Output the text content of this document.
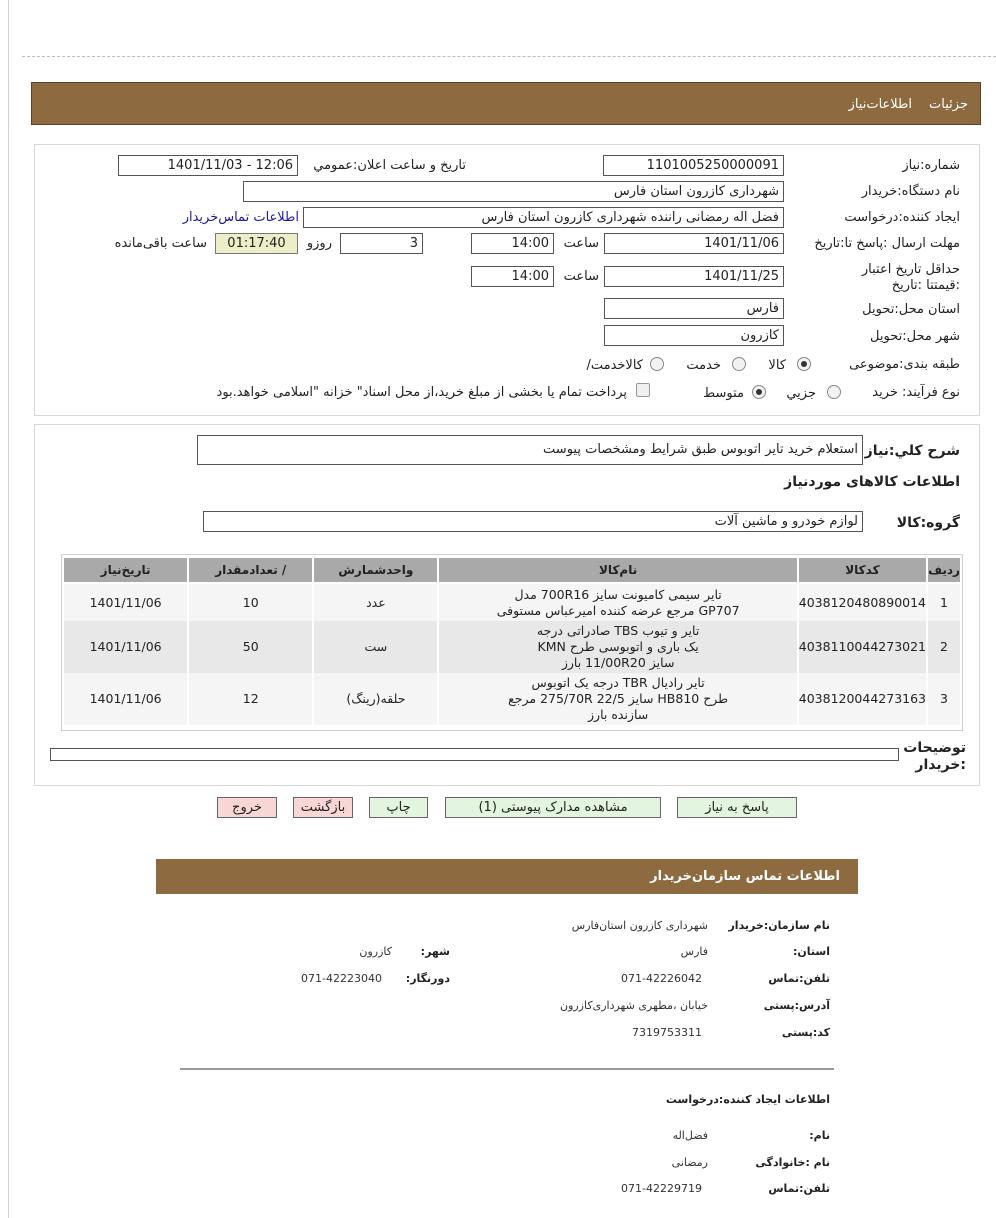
جزئیات
اطلاعات‌نیاز
شماره:نیاز
1101005250000091
تاریخ و ساعت اعلان:عمومي
1401/11/03 - 12:06
نام دستگاه:خریدار
شهرداری کازرون استان فارس
ایجاد کننده:درخواست
فضل اله رمضانی راننده شهرداری کازرون استان فارس
اطلاعات تماس‌خریدار
مهلت ارسال :پاسخ تا:تاریخ
1401/11/06
ساعت
14:00
3
روزو
01:17:40
ساعت باقی‌مانده
حداقل تاریخ اعتبار :قیمتتا :تاریخ
1401/11/25
ساعت
14:00
استان محل:تحویل
فارس
شهر محل:تحویل
کازرون
طبقه بندی:موضوعی
کالا
خدمت
/کالاخدمت
نوع فرآیند: خرید
جزیي
متوسط
پرداخت تمام یا بخشی از مبلغ خرید،از محل اسناد" خزانه "اسلامی خواهد.بود
شرح کلي:نیاز
استعلام خرید تایر اتوبوس طبق شرایط ومشخصات پیوست
اطلاعات کالاهای موردنیاز
گروه:کالا
لوازم خودرو و ماشین آلات
ردیف	کدکالا	نام‌کالا	واحدشمارش	/ تعدادمقدار	تاریخ‌نیاز
1	4038120480890014	تایر سیمی کامیونت سایز 700R16 مدل
GP707 مرجع عرضه کننده امیرعباس مستوفی	عدد	10	1401/11/06
2	4038110044273021	تایر و تیوب TBS صادراتی درجه
یک باری و اتوبوسی طرح KMN
سایز 11/00R20 بارز	ست	50	1401/11/06
3	4038120044273163	تایر رادیال TBR درجه یک اتوبوس
طرح HB810 سایز 275/70R 22/5 مرجع
سازنده بارز	حلقه(رینگ)	12	1401/11/06
توضیحات :خریدار
پاسخ به نیاز
مشاهده مدارک پیوستی (1)
چاپ
بازگشت
خروج
اطلاعات تماس سازمان‌خریدار
نام سازمان:خریدار
شهرداری کازرون استان‌فارس
:استان
فارس
:شهر
کازرون
تلفن:تماس
071-42226042
:دورنگار
071-42223040
آدرس:پستی
خیابان ،مطهری شهرداری‌کازرون
کد:پستی
7319753311
اطلاعات ایجاد کننده:درخواست
:نام
فضل‌اله
نام :خانوادگی
رمضانی
تلفن:تماس
071-42229719
